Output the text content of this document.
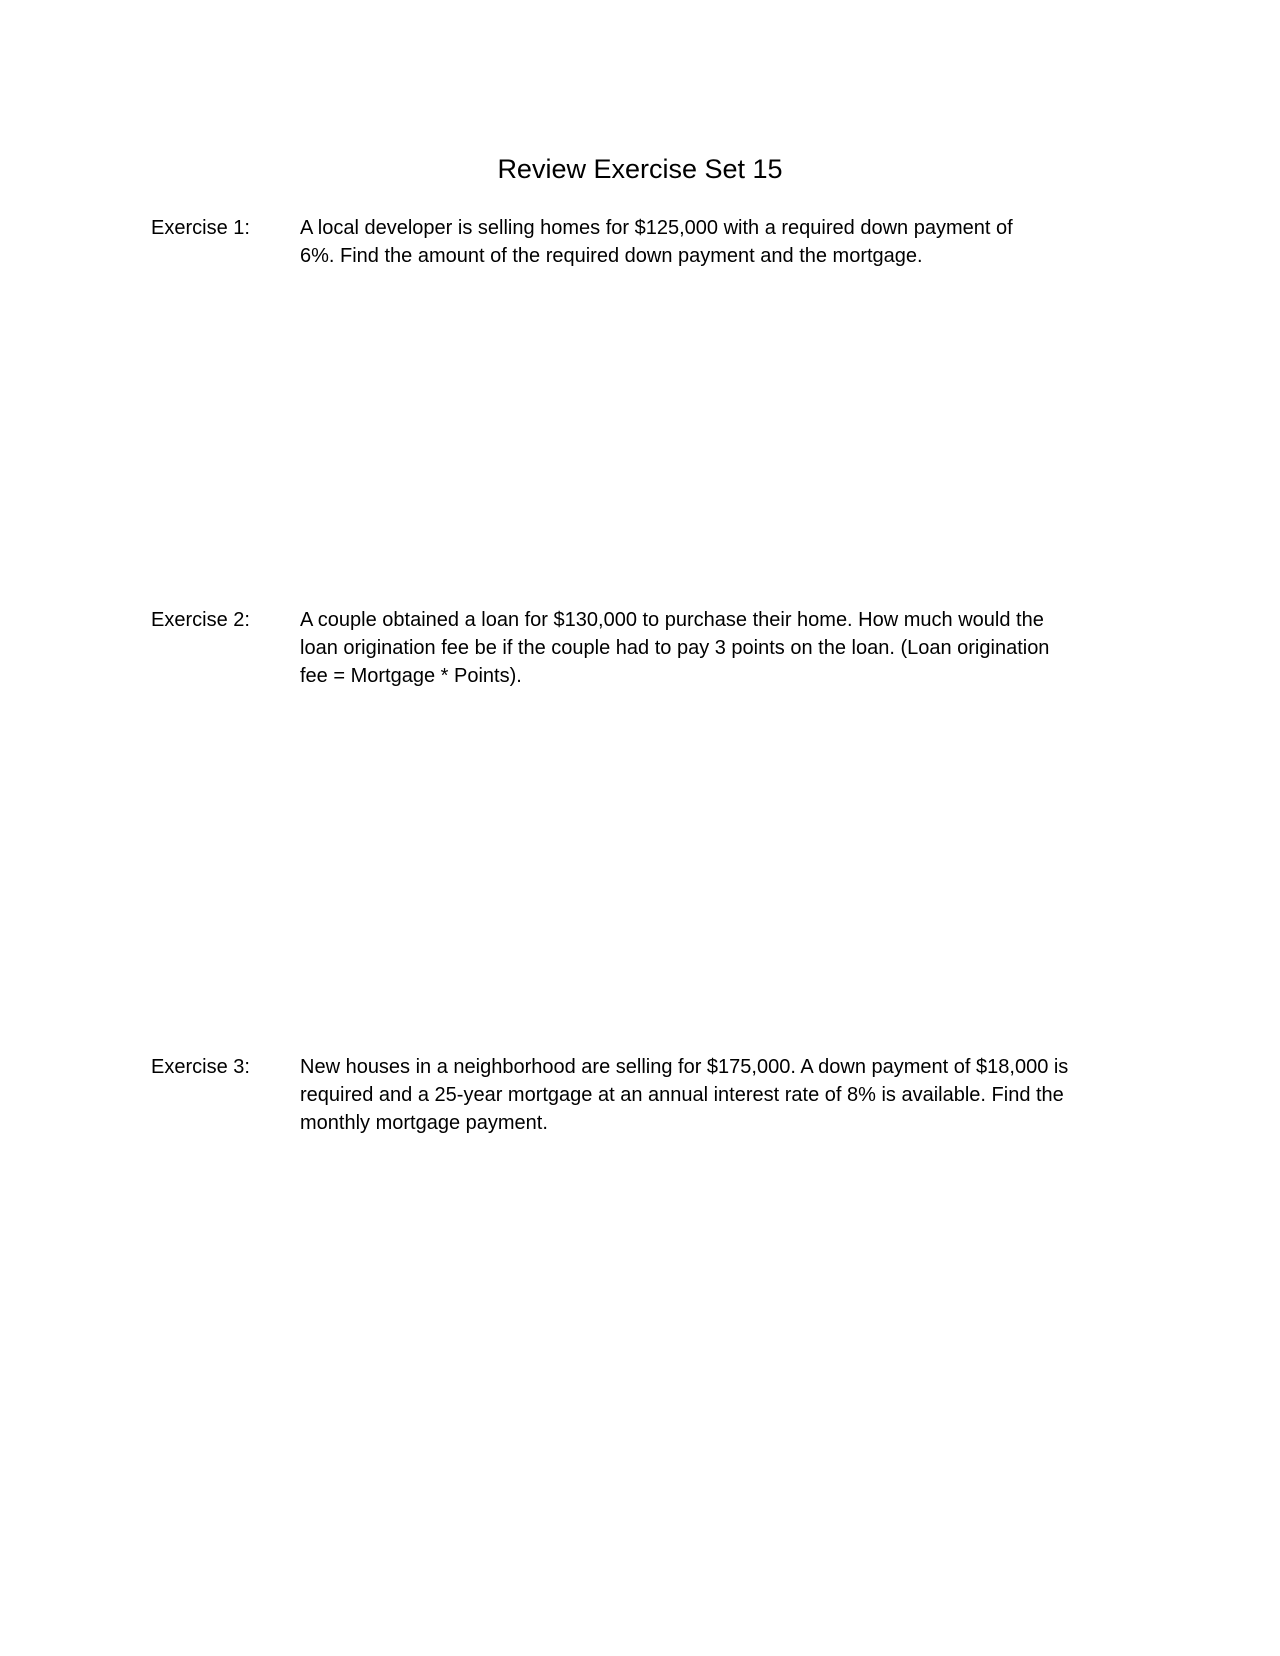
Review Exercise Set 15
Exercise 1:	A local developer is selling homes for $125,000 with a required down payment of
6%. Find the amount of the required down payment and the mortgage.
Exercise 2:	A couple obtained a loan for $130,000 to purchase their home. How much would the
loan origination fee be if the couple had to pay 3 points on the loan. (Loan origination
fee = Mortgage * Points).
Exercise 3:	New houses in a neighborhood are selling for $175,000. A down payment of $18,000 is
required and a 25-year mortgage at an annual interest rate of 8% is available. Find the
monthly mortgage payment.
